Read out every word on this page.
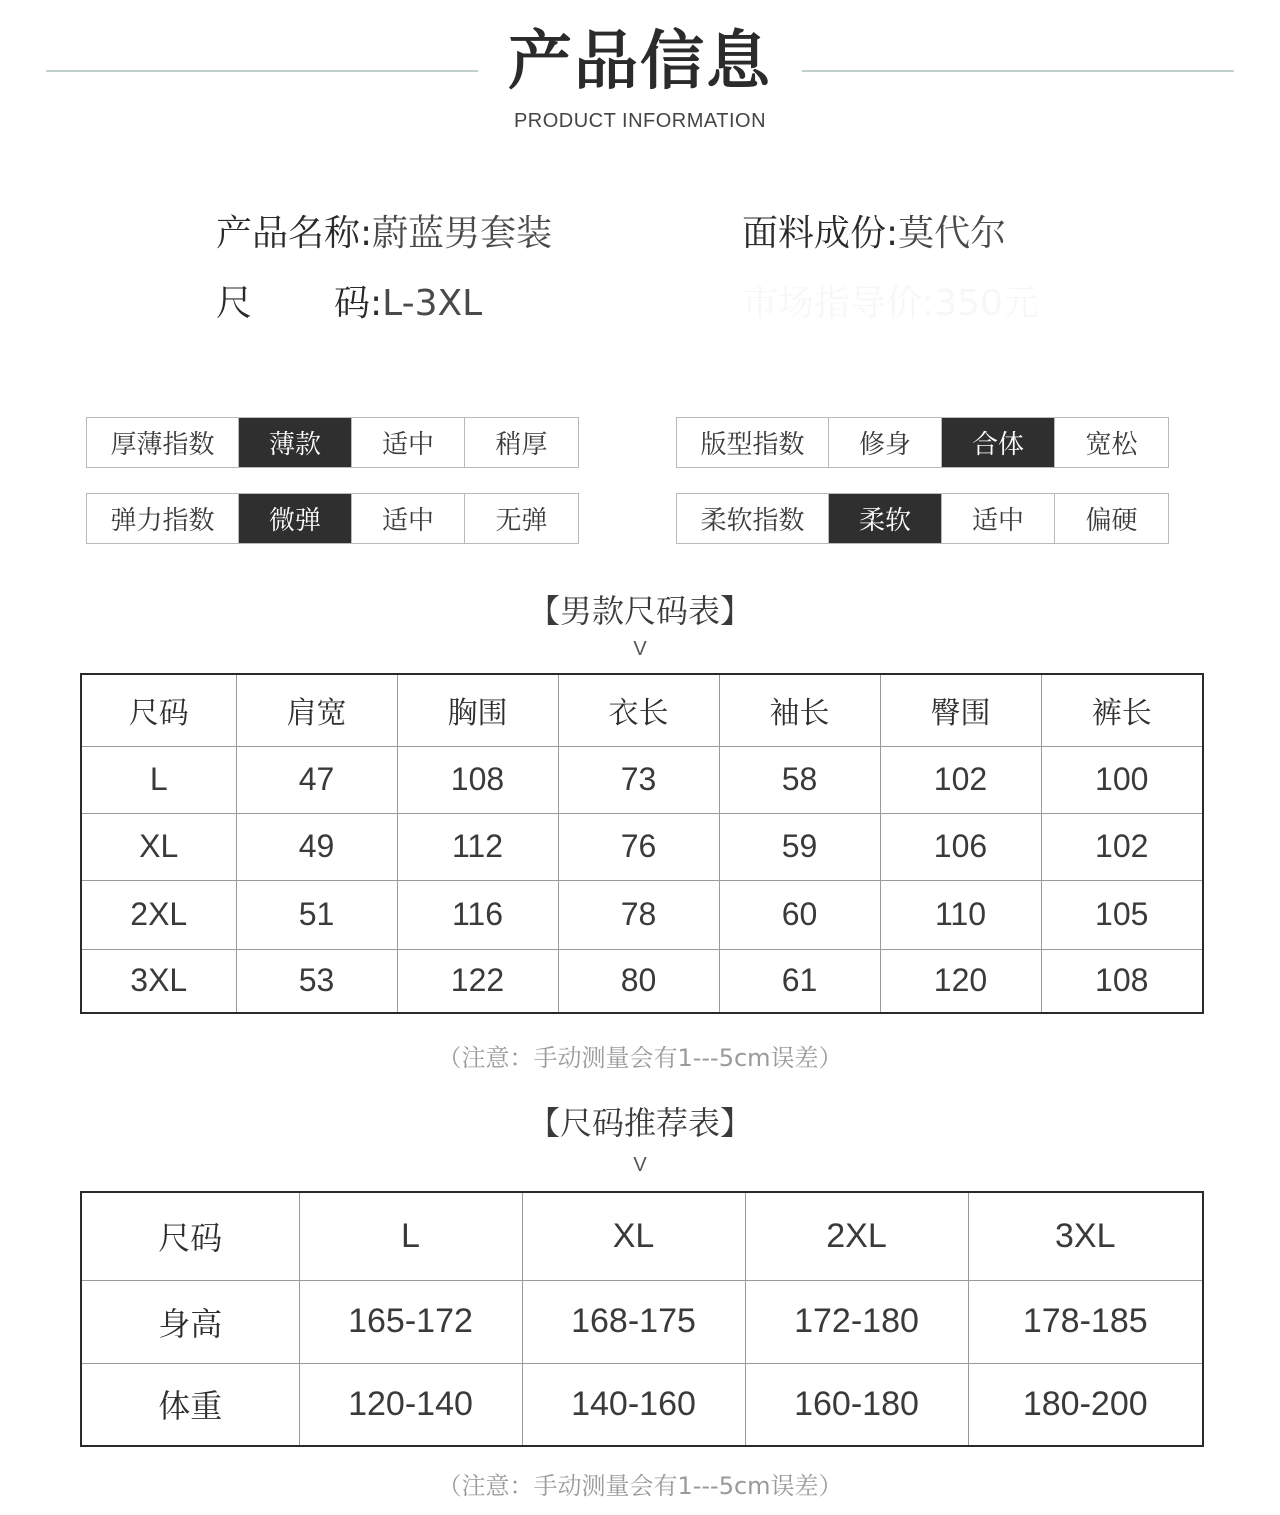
产品信息
PRODUCT INFORMATION
产品名称:蔚蓝男套装	面料成份:莫代尔
尺 码:L-3XL	市场指导价:350元
厚薄指数	薄款	适中	稍厚
弹力指数	微弹	适中	无弹
版型指数	修身	合体	宽松
柔软指数	柔软	适中	偏硬
【男款尺码表】
V
尺码	肩宽	胸围	衣长	袖长	臀围	裤长
L	47	108	73	58	102	100
XL	49	112	76	59	106	102
2XL	51	116	78	60	110	105
3XL	53	122	80	61	120	108
（注意：手动测量会有1---5cm误差）
【尺码推荐表】
V
尺码	L	XL	2XL	3XL
身高	165-172	168-175	172-180	178-185
体重	120-140	140-160	160-180	180-200
（注意：手动测量会有1---5cm误差）
